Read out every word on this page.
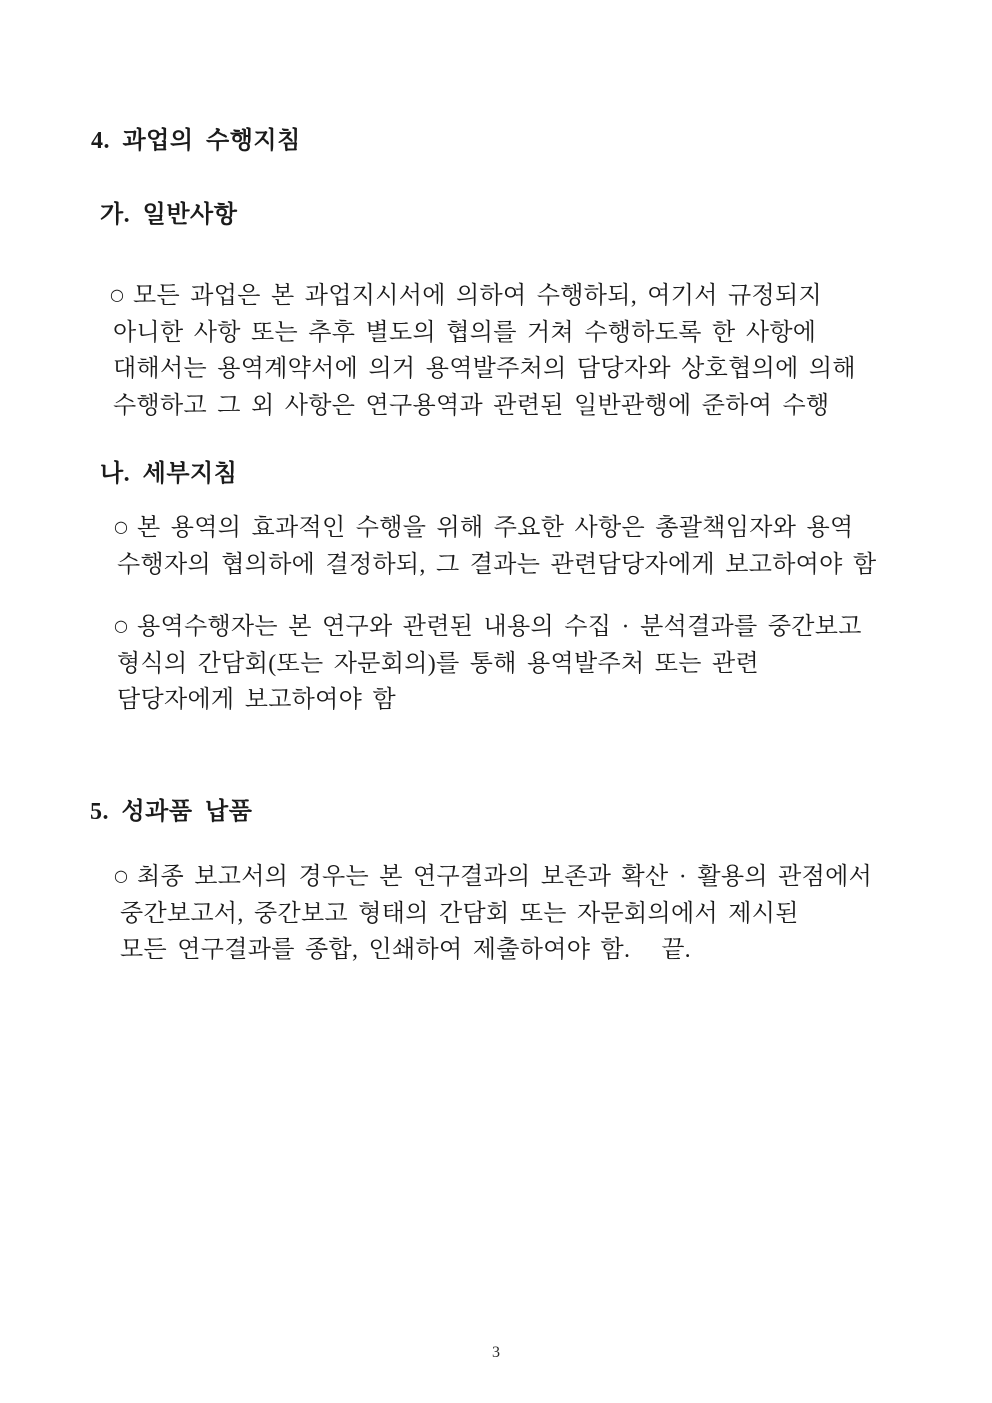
4. 과업의 수행지침
가. 일반사항
○ 모든 과업은 본 과업지시서에 의하여 수행하되, 여기서 규정되지
아니한 사항 또는 추후 별도의 협의를 거쳐 수행하도록 한 사항에
대해서는 용역계약서에 의거 용역발주처의 담당자와 상호협의에 의해
수행하고 그 외 사항은 연구용역과 관련된 일반관행에 준하여 수행
나. 세부지침
○ 본 용역의 효과적인 수행을 위해 주요한 사항은 총괄책임자와 용역
수행자의 협의하에 결정하되, 그 결과는 관련담당자에게 보고하여야 함
○ 용역수행자는 본 연구와 관련된 내용의 수집 · 분석결과를 중간보고
형식의 간담회(또는 자문회의)를 통해 용역발주처 또는 관련
담당자에게 보고하여야 함
5. 성과품 납품
○ 최종 보고서의 경우는 본 연구결과의 보존과 확산 · 활용의 관점에서
중간보고서, 중간보고 형태의 간담회 또는 자문회의에서 제시된
모든 연구결과를 종합, 인쇄하여 제출하여야 함.   끝.
3
